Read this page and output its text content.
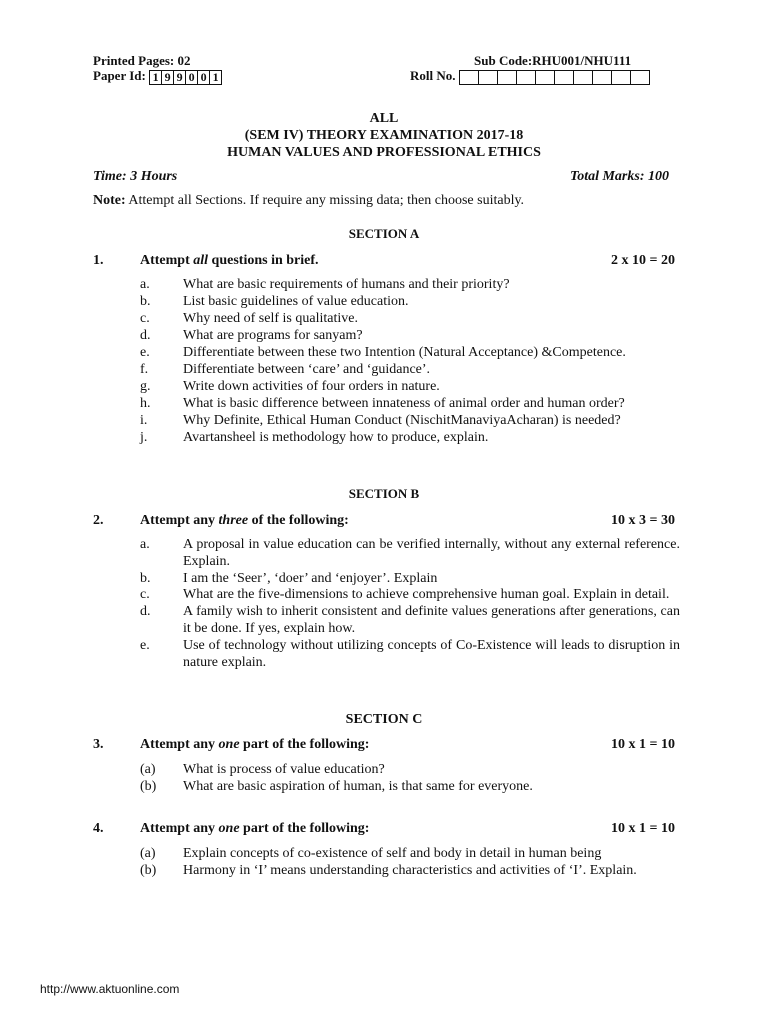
Printed Pages: 02
Paper Id: 1 9 9 0 0 1
Sub Code:RHU001/NHU111
Roll No.
ALL
(SEM IV) THEORY EXAMINATION 2017-18
HUMAN VALUES AND PROFESSIONAL ETHICS
Time: 3 Hours	Total Marks: 100
Note: Attempt all Sections. If require any missing data; then choose suitably.
SECTION A
1.	Attempt all questions in brief.	2 x 10 = 20
a.	What are basic requirements of humans and their priority?
b.	List basic guidelines of value education.
c.	Why need of self is qualitative.
d.	What are programs for sanyam?
e.	Differentiate between these two Intention (Natural Acceptance) &Competence.
f.	Differentiate between ‘care’ and ‘guidance’.
g.	Write down activities of four orders in nature.
h.	What is basic difference between innateness of animal order and human order?
i.	Why Definite, Ethical Human Conduct (NischitManaviyaAcharan) is needed?
j.	Avartansheel is methodology how to produce, explain.
SECTION B
2.	Attempt any three of the following:	10 x 3 = 30
a.	A proposal in value education can be verified internally, without any external reference. Explain.
b.	I am the ‘Seer’, ‘doer’ and ‘enjoyer’. Explain
c.	What are the five-dimensions to achieve comprehensive human goal. Explain in detail.
d.	A family wish to inherit consistent and definite values generations after generations, can it be done. If yes, explain how.
e.	Use of technology without utilizing concepts of Co-Existence will leads to disruption in nature explain.
SECTION C
3.	Attempt any one part of the following:	10 x 1 = 10
(a)	What is process of value education?
(b)	What are basic aspiration of human, is that same for everyone.
4.	Attempt any one part of the following:	10 x 1 = 10
(a)	Explain concepts of co-existence of self and body in detail in human being
(b)	Harmony in ‘I’ means understanding characteristics and activities of ‘I’. Explain.
http://www.aktuonline.com
